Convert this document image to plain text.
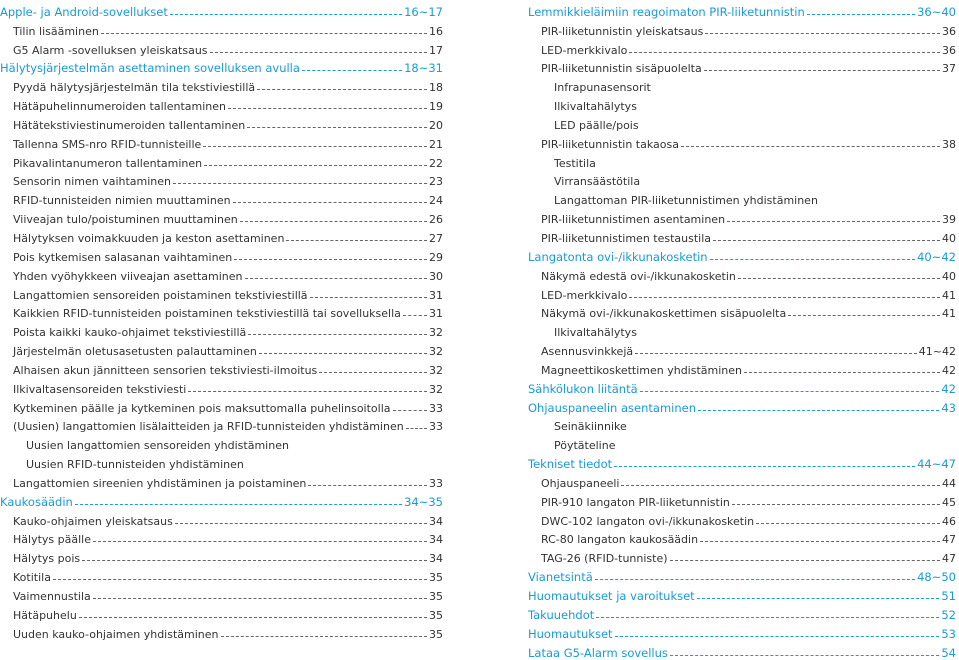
Apple- ja Android-sovellukset	16~17
Tilin lisääminen	16
G5 Alarm -sovelluksen yleiskatsaus	17
Hälytysjärjestelmän asettaminen sovelluksen avulla	18~31
Pyydä hälytysjärjestelmän tila tekstiviestillä	18
Hätäpuhelinnumeroiden tallentaminen	19
Hätätekstiviestinumeroiden tallentaminen	20
Tallenna SMS-nro RFID-tunnisteille	21
Pikavalintanumeron tallentaminen	22
Sensorin nimen vaihtaminen	23
RFID-tunnisteiden nimien muuttaminen	24
Viiveajan tulo/poistuminen muuttaminen	26
Hälytyksen voimakkuuden ja keston asettaminen	27
Pois kytkemisen salasanan vaihtaminen	29
Yhden vyöhykkeen viiveajan asettaminen	30
Langattomien sensoreiden poistaminen tekstiviestillä	31
Kaikkien RFID-tunnisteiden poistaminen tekstiviestillä tai sovelluksella	31
Poista kaikki kauko-ohjaimet tekstiviestillä	32
Järjestelmän oletusasetusten palauttaminen	32
Alhaisen akun jännitteen sensorien tekstiviesti-ilmoitus	32
Ilkivaltasensoreiden tekstiviesti	32
Kytkeminen päälle ja kytkeminen pois maksuttomalla puhelinsoitolla	33
(Uusien) langattomien lisälaitteiden ja RFID-tunnisteiden yhdistäminen 33
Uusien langattomien sensoreiden yhdistäminen
Uusien RFID-tunnisteiden yhdistäminen
Langattomien sireenien yhdistäminen ja poistaminen	33
Kaukosäädin	34~35
Kauko-ohjaimen yleiskatsaus	34
Hälytys päälle	34
Hälytys pois	34
Kotitila	35
Vaimennustila	35
Hätäpuhelu	35
Uuden kauko-ohjaimen yhdistäminen	35
Lemmikkieläimiin reagoimaton PIR-liiketunnistin	36~40
PIR-liiketunnistin yleiskatsaus	36
LED-merkkivalo	36
PIR-liiketunnistin sisäpuolelta	37
Infrapunasensorit
Ilkivaltahälytys
LED päälle/pois
PIR-liiketunnistin takaosa	38
Testitila
Virransäästötila
Langattoman PIR-liiketunnistimen yhdistäminen
PIR-liiketunnistimen asentaminen	39
PIR-liiketunnistimen testaustila	40
Langatonta ovi-/ikkunakosketin	40~42
Näkymä edestä ovi-/ikkunakosketin	40
LED-merkkivalo	41
Näkymä ovi-/ikkunakoskettimen sisäpuolelta	41
Ilkivaltahälytys
Asennusvinkkejä	41~42
Magneettikoskettimen yhdistäminen	42
Sähkölukon liitäntä	42
Ohjauspaneelin asentaminen	43
Seinäkiinnike
Pöytäteline
Tekniset tiedot	44~47
Ohjauspaneeli	44
PIR-910 langaton PIR-liiketunnistin	45
DWC-102 langaton ovi-/ikkunakosketin	46
RC-80 langaton kaukosäädin	47
TAG-26 (RFID-tunniste)	47
Vianetsintä	48~50
Huomautukset ja varoitukset	51
Takuuehdot	52
Huomautukset	53
Lataa G5-Alarm sovellus	54
